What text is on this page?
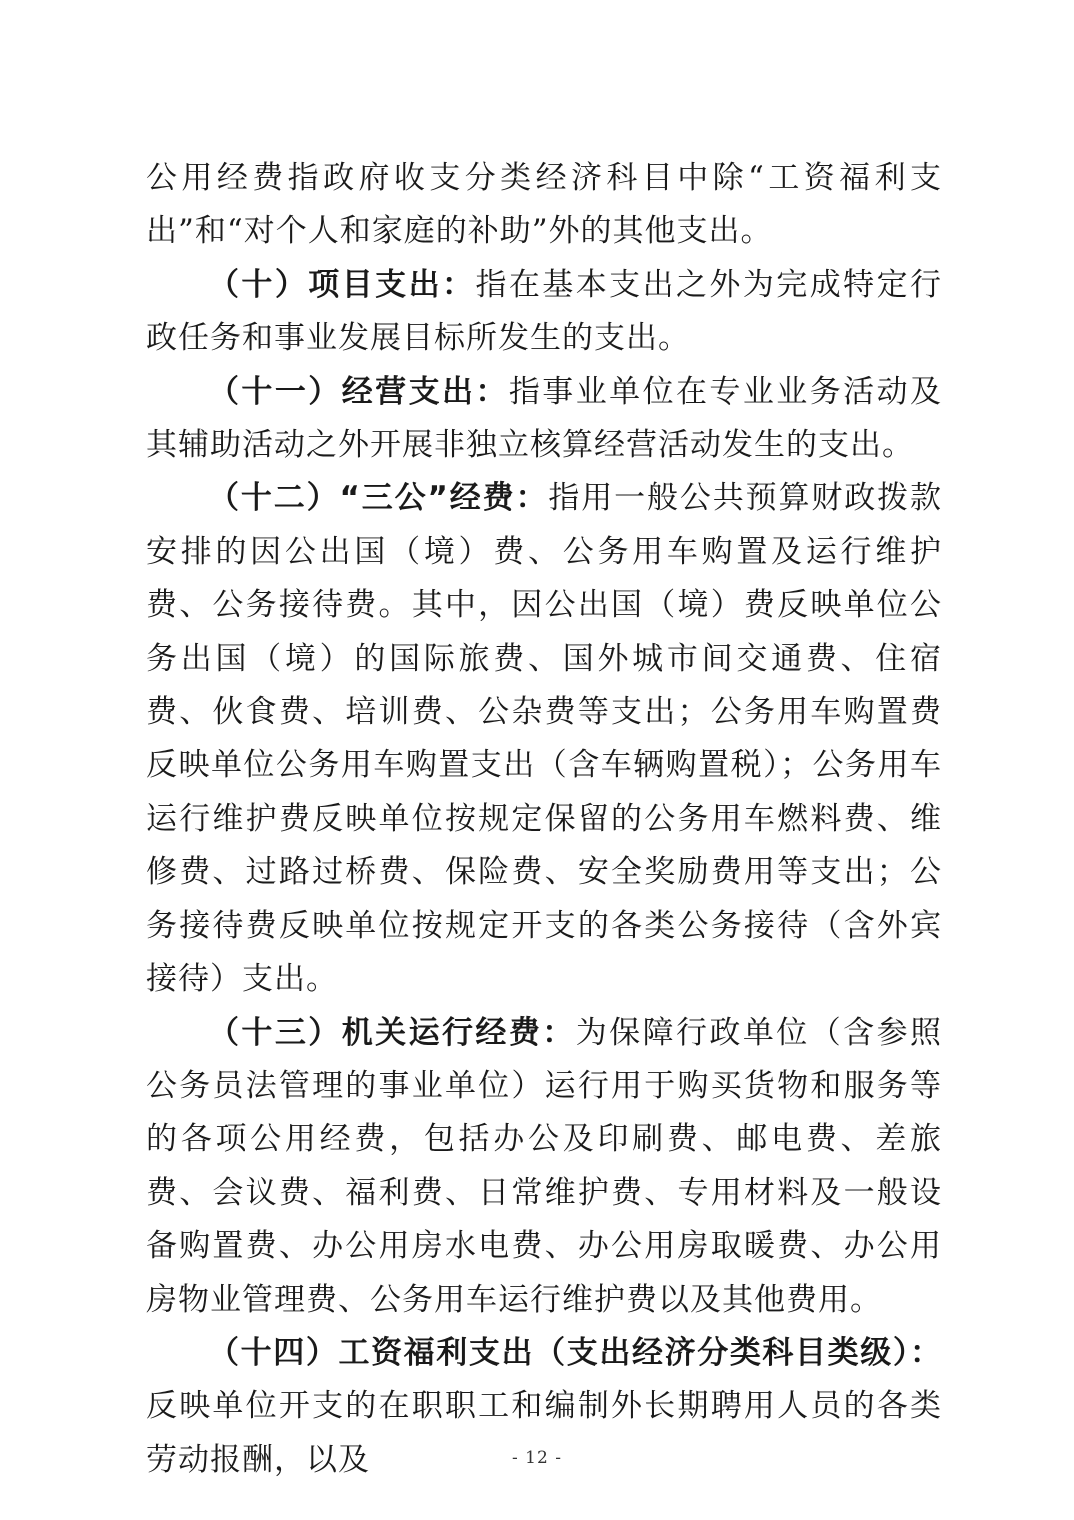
公用经费指政府收支分类经济科目中除“工资福利支出”和“对个人和家庭的补助”外的其他支出。

（十）项目支出：指在基本支出之外为完成特定行政任务和事业发展目标所发生的支出。

（十一）经营支出：指事业单位在专业业务活动及其辅助活动之外开展非独立核算经营活动发生的支出。

（十二）“三公”经费：指用一般公共预算财政拨款安排的因公出国（境）费、公务用车购置及运行维护费、公务接待费。其中，因公出国（境）费反映单位公务出国（境）的国际旅费、国外城市间交通费、住宿费、伙食费、培训费、公杂费等支出；公务用车购置费反映单位公务用车购置支出（含车辆购置税）；公务用车运行维护费反映单位按规定保留的公务用车燃料费、维修费、过路过桥费、保险费、安全奖励费用等支出；公务接待费反映单位按规定开支的各类公务接待（含外宾接待）支出。

（十三）机关运行经费：为保障行政单位（含参照公务员法管理的事业单位）运行用于购买货物和服务等的各项公用经费，包括办公及印刷费、邮电费、差旅费、会议费、福利费、日常维护费、专用材料及一般设备购置费、办公用房水电费、办公用房取暖费、办公用房物业管理费、公务用车运行维护费以及其他费用。

（十四）工资福利支出（支出经济分类科目类级）：反映单位开支的在职职工和编制外长期聘用人员的各类劳动报酬，以及	- 12 -
